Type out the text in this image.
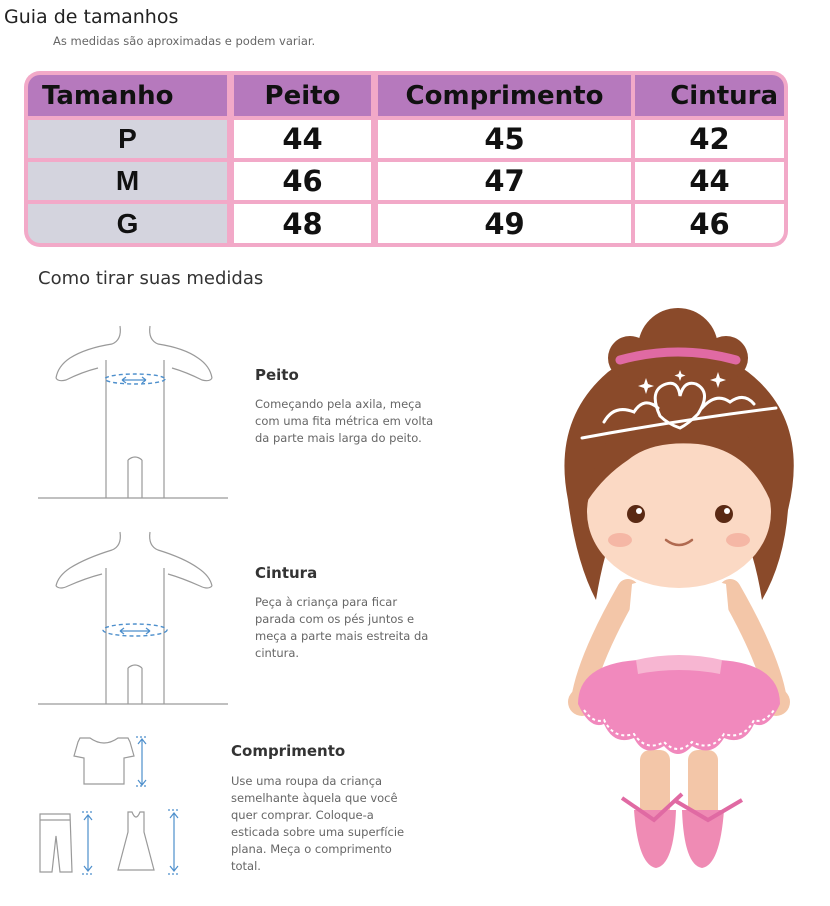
Guia de tamanhos
As medidas são aproximadas e podem variar.
Tamanho	Peito	Comprimento	Cintura
P	44	45	42
M	46	47	44
G	48	49	46
Como tirar suas medidas
Peito
Começando pela axila, meça
com uma fita métrica em volta
da parte mais larga do peito.
Cintura
Peça à criança para ficar
parada com os pés juntos e
meça a parte mais estreita da
cintura.
Comprimento
Use uma roupa da criança
semelhante àquela que você
quer comprar. Coloque-a
esticada sobre uma superfície
plana. Meça o comprimento
total.
